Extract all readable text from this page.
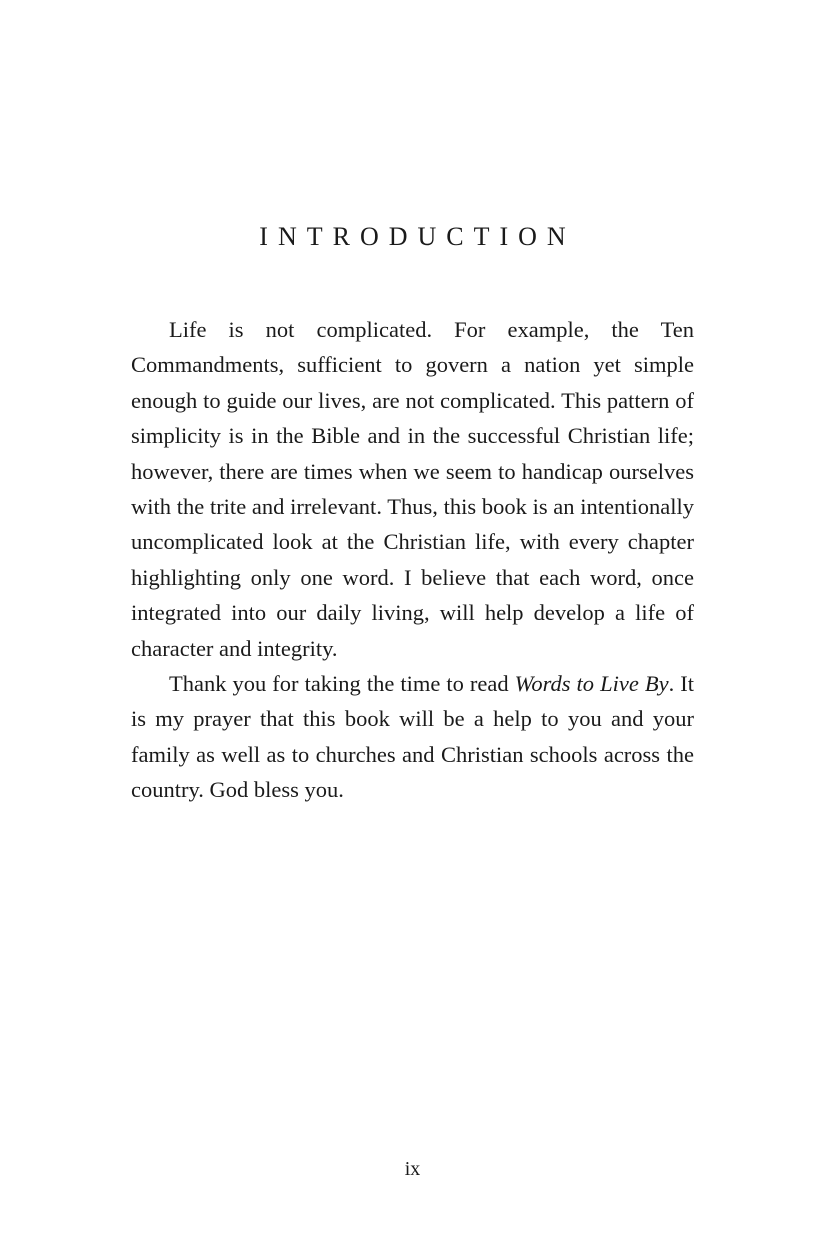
INTRODUCTION

Life is not complicated. For example, the Ten Commandments, sufficient to govern a nation yet simple enough to guide our lives, are not complicated. This pattern of simplicity is in the Bible and in the successful Christian life; however, there are times when we seem to handicap ourselves with the trite and irrelevant. Thus, this book is an intentionally uncomplicated look at the Christian life, with every chapter highlighting only one word. I believe that each word, once integrated into our daily living, will help develop a life of character and integrity.

Thank you for taking the time to read Words to Live By. It is my prayer that this book will be a help to you and your family as well as to churches and Christian schools across the country. God bless you.

ix
